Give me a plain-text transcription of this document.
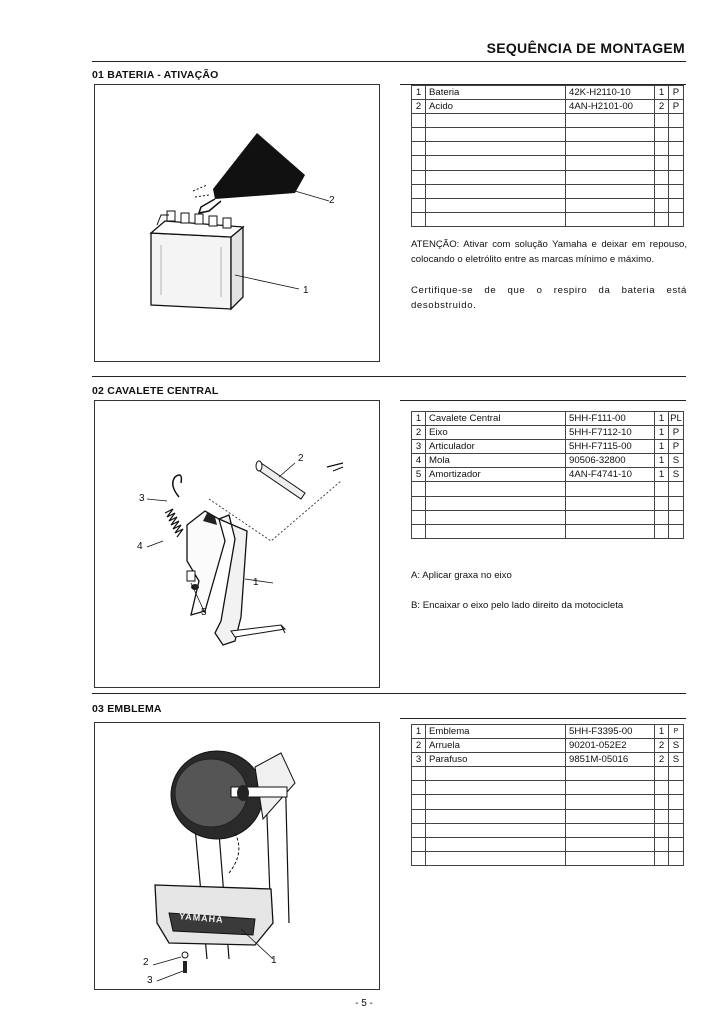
SEQUÊNCIA DE MONTAGEM
01 BATERIA - ATIVAÇÃO
2
1
1	Bateria	42K-H2110-10	1	P
2	Acido	4AN-H2101-00	2	P

ATENÇÃO: Ativar com solução Yamaha e deixar em repouso, colocando o eletrólito entre as marcas mínimo e máximo.
Certifique-se de que o respiro da bateria está desobstruido.
02 CAVALETE CENTRAL
2
3
4
1
5
1	Cavalete Central	5HH-F111-00	1	PL
2	Eixo	5HH-F7112-10	1	P
3	Articulador	5HH-F7115-00	1	P
4	Mola	90506-32800	1	S
5	Amortizador	4AN-F4741-10	1	S

A: Aplicar graxa no eixo
B: Encaixar o eixo pelo lado direito da motocicleta
03 EMBLEMA
YAMAHA
1
2
3
1	Emblema	5HH-F3395-00	1	P
2	Arruela	90201-052E2	2	S
3	Parafuso	9851M-05016	2	S

- 5 -
